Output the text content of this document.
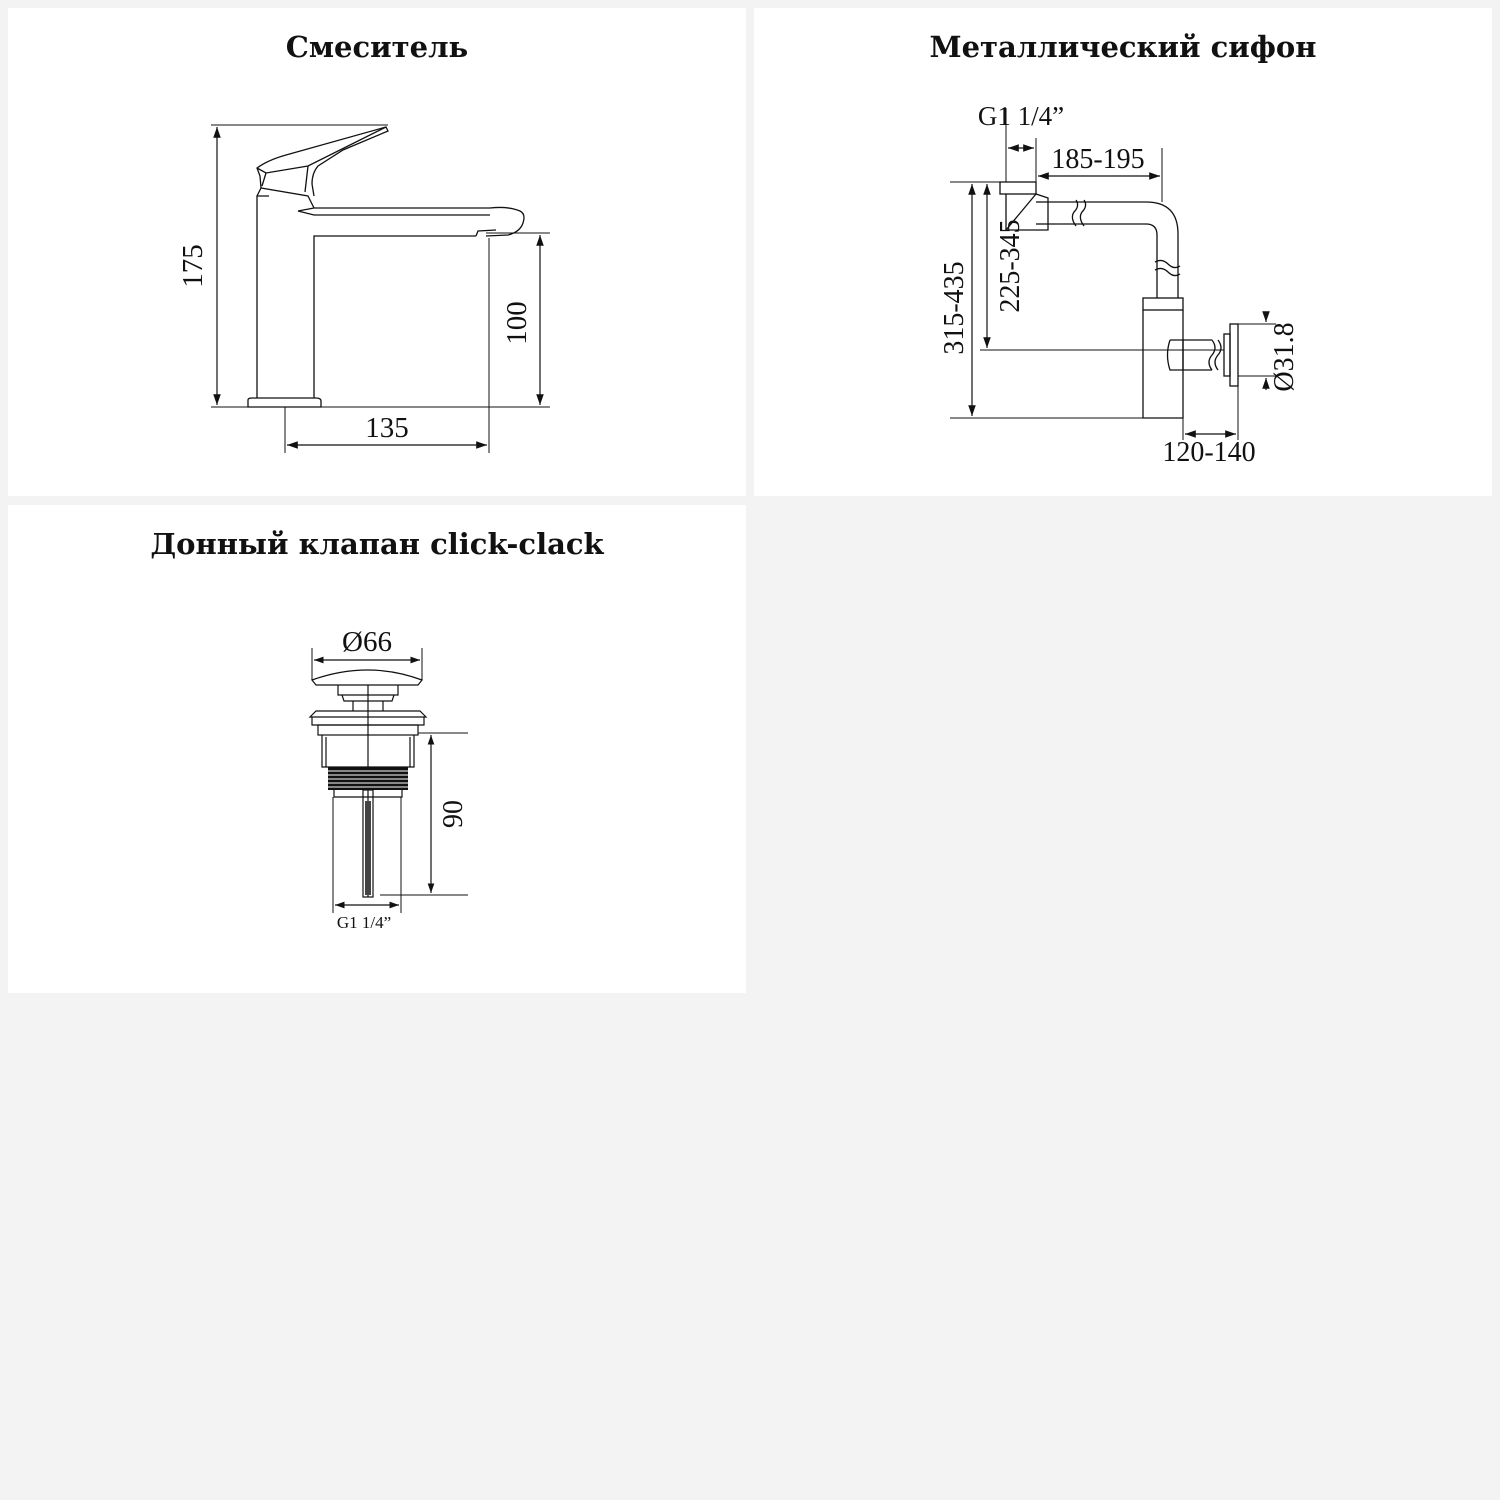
Смеситель
175
100
135
Металлический сифон
G1 1/4”
185-195
315-435 225-345
Ø31.8
120-140
Донный клапан click-clack
Ø66
90
G1 1/4”
